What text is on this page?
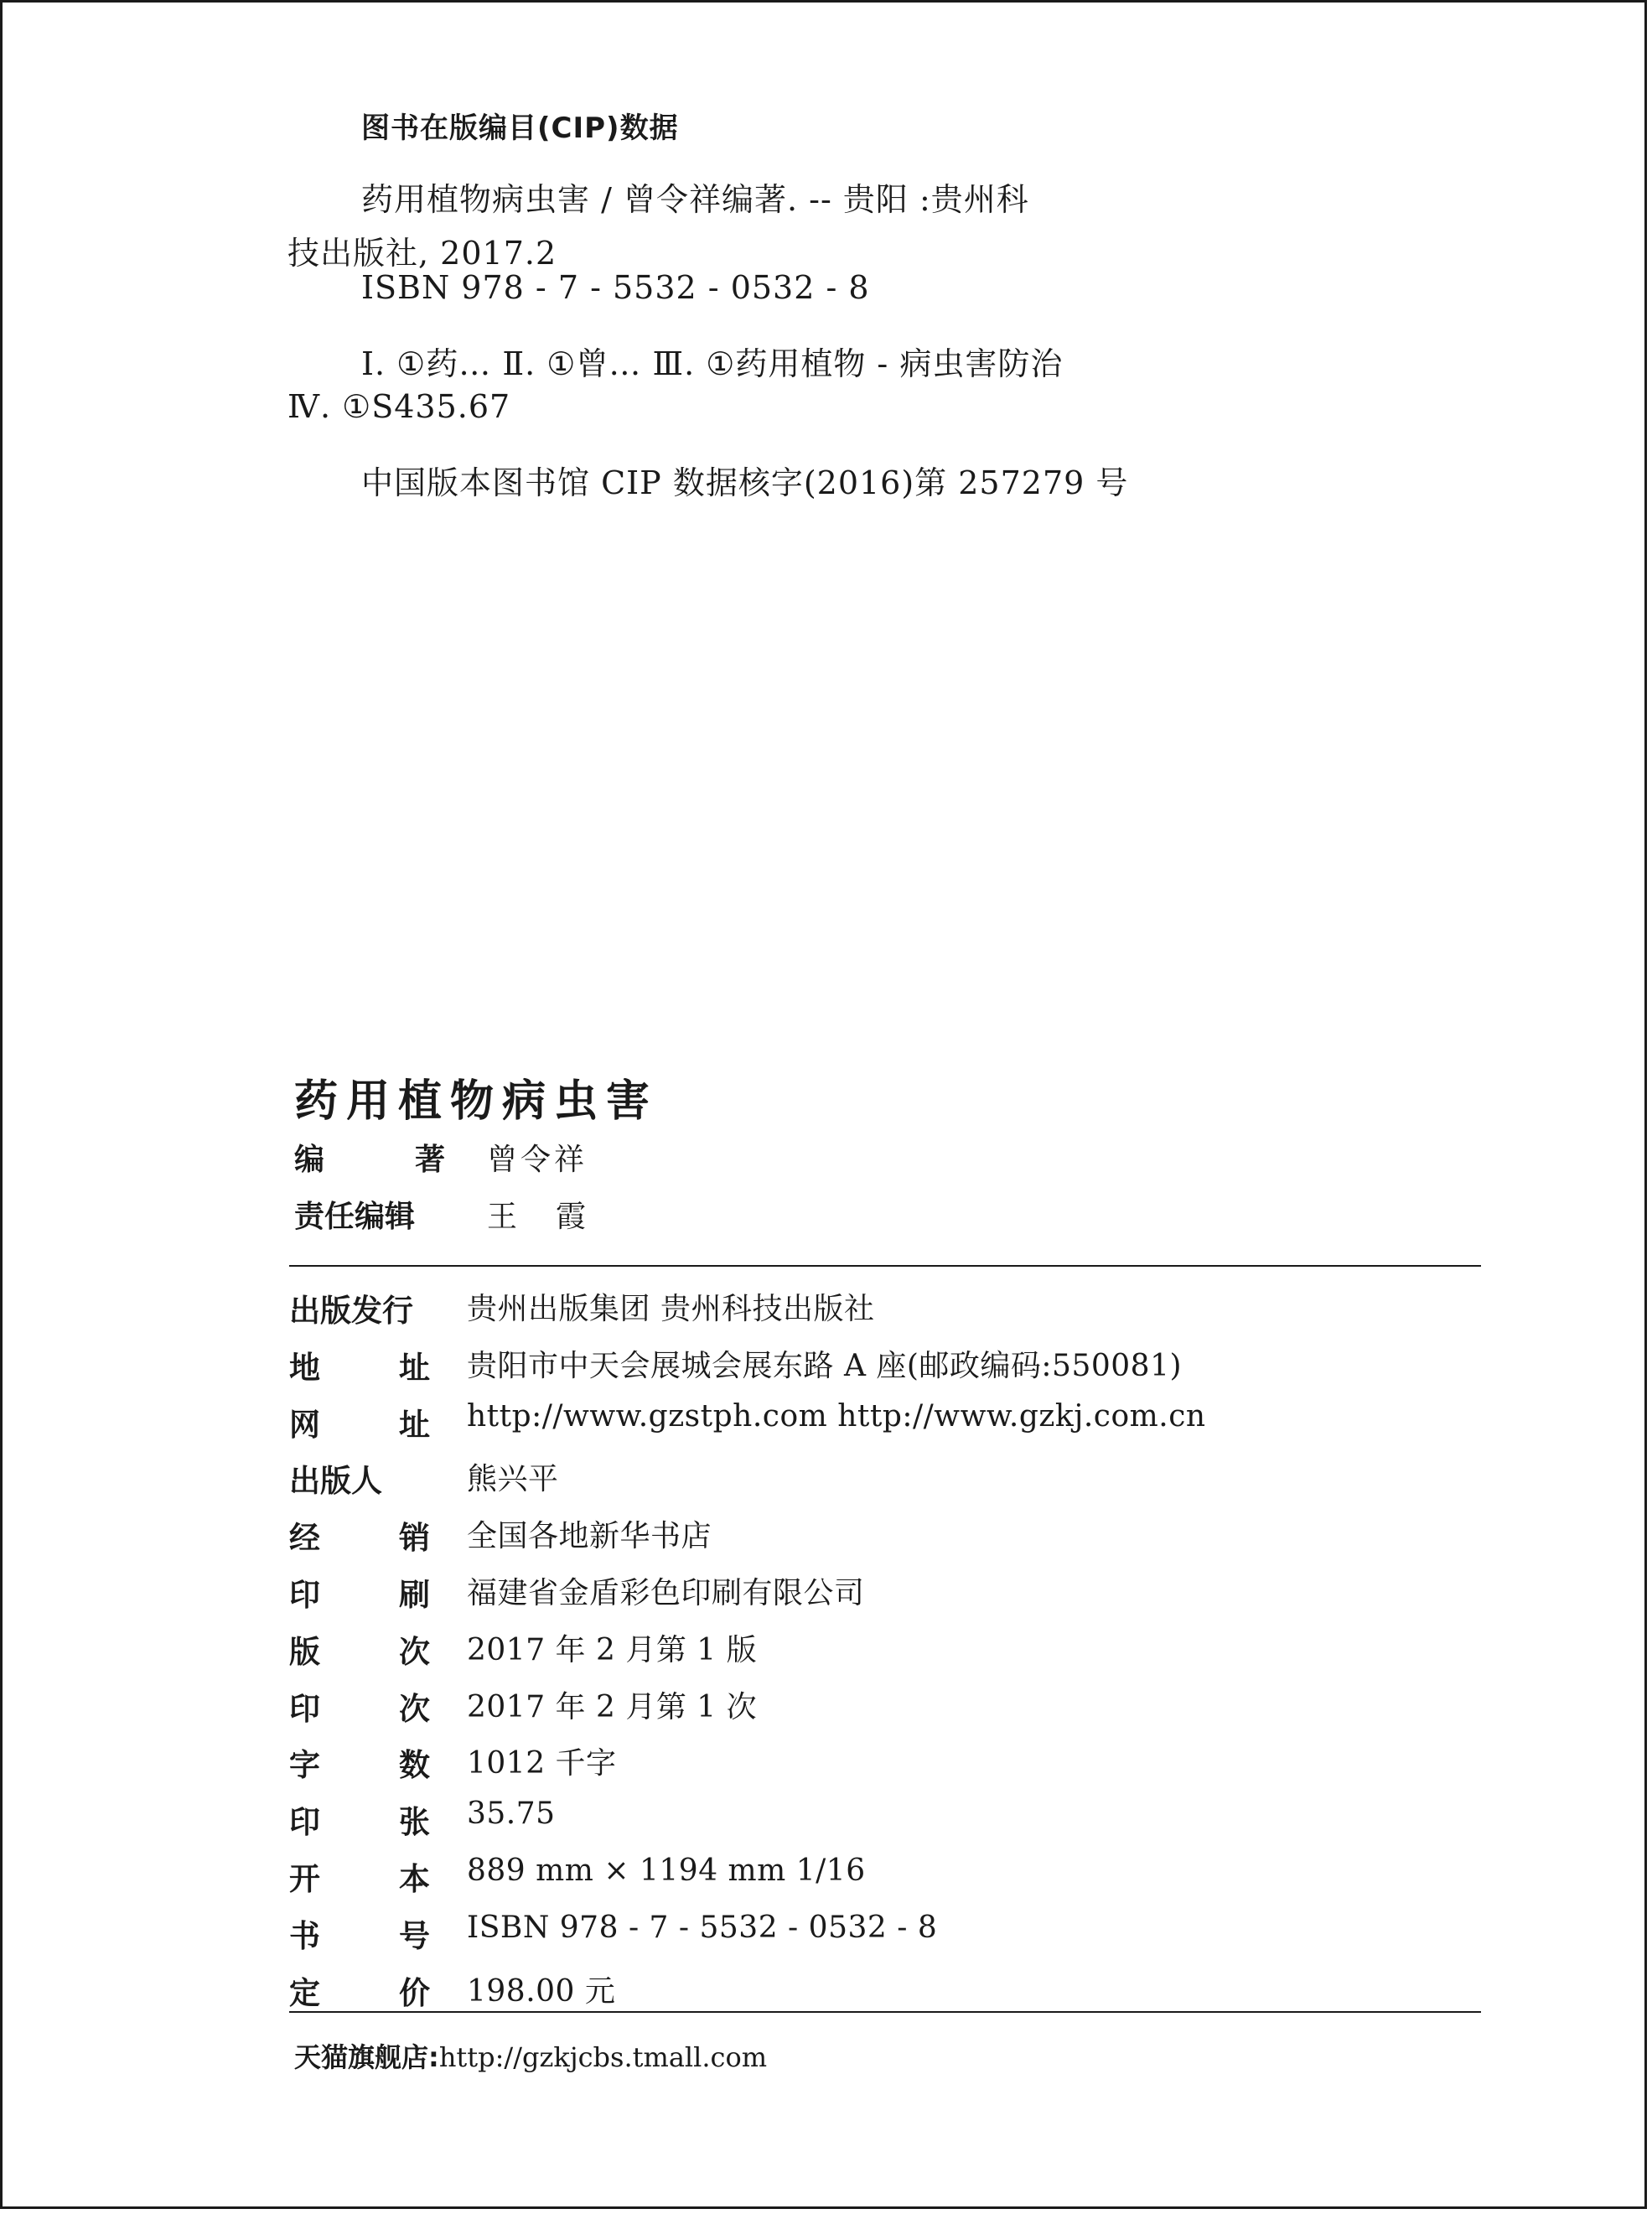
图书在版编目(CIP)数据
药用植物病虫害 / 曾令祥编著. -- 贵阳 :贵州科
技出版社, 2017.2
ISBN 978 - 7 - 5532 - 0532 - 8
Ⅰ. ①药… Ⅱ. ①曾… Ⅲ. ①药用植物 - 病虫害防治
Ⅳ. ①S435.67
中国版本图书馆 CIP 数据核字(2016)第 257279 号
药用植物病虫害
编	著 曾令祥
责任编辑	王霞
出版发行	贵州出版集团 贵州科技出版社
地	址 贵阳市中天会展城会展东路 A 座(邮政编码:550081)
网	址 http://www.gzstph.com http://www.gzkj.com.cn
出版人	熊兴平
经	销 全国各地新华书店
印	刷 福建省金盾彩色印刷有限公司
版	次 2017 年 2 月第 1 版
印	次 2017 年 2 月第 1 次
字	数 1012 千字
印	张 35.75
开	本 889 mm × 1194 mm 1/16
书	号 ISBN 978 - 7 - 5532 - 0532 - 8
定	价 198.00 元
天猫旗舰店:http://gzkjcbs.tmall.com
